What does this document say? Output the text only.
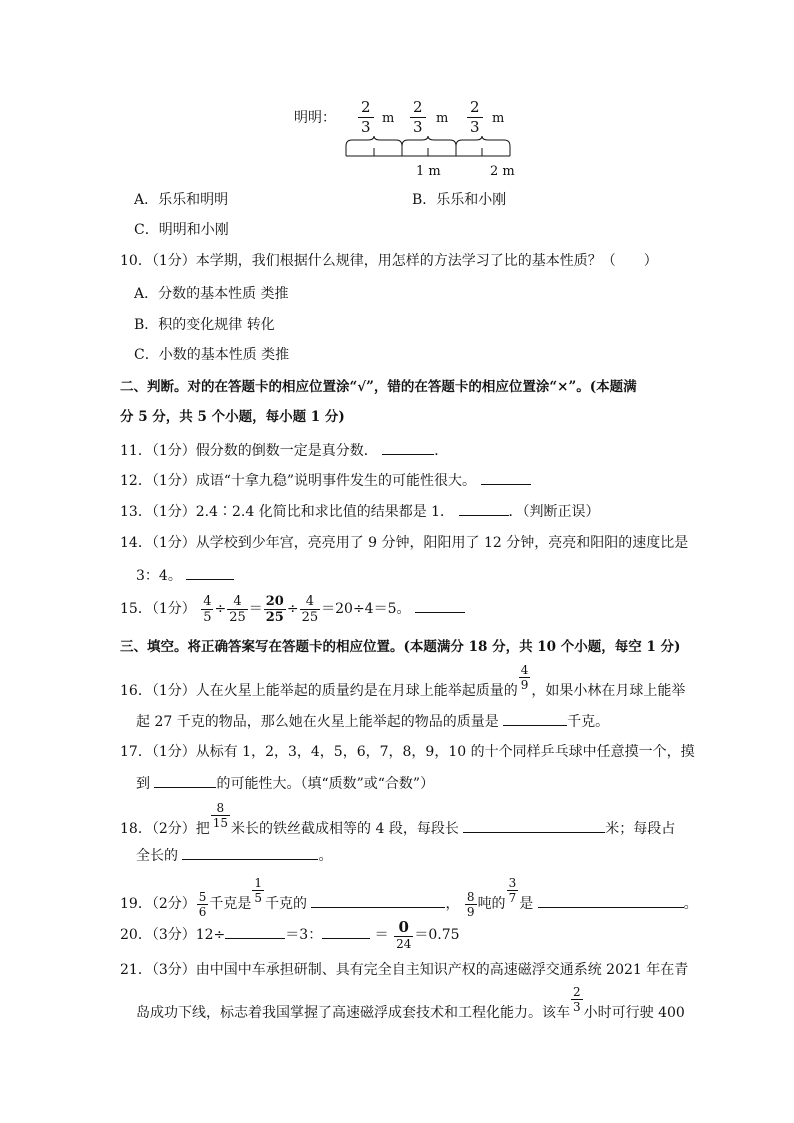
明明： $\frac{2}{3}$ m $\frac{2}{3}$ m $\frac{2}{3}$ m
1 m	2 m
A．乐乐和明明	B．乐乐和小刚
C．明明和小刚
10．（1分）本学期，我们根据什么规律，用怎样的方法学习了比的基本性质？（　　）
A．分数的基本性质 类推
B．积的变化规律 转化
C．小数的基本性质 类推
二、判断。对的在答题卡的相应位置涂“√”，错的在答题卡的相应位置涂“×”。(本题满
分 5 分，共 5 个小题，每小题 1 分)
11．（1分）假分数的倒数一定是真分数．	．
12．（1分）成语“十拿九稳”说明事件发生的可能性很大。
13．（1分）2.4∶2.4 化简比和求比值的结果都是 1．	．（判断正误）
14．（1分）从学校到少年宫，亮亮用了 9 分钟，阳阳用了 12 分钟，亮亮和阳阳的速度比是
3：4。
15．（1分） $\frac{4}{5} \div \frac{4}{25} = \frac{20}{25} \div \frac{4}{25} =20\div 4=5$。
三、填空。将正确答案写在答题卡的相应位置。(本题满分 18 分，共 10 个小题，每空 1 分)
16．（1分）人在火星上能举起的质量约是在月球上能举起质量的 $\frac{4}{9}$ ，如果小林在月球上能举
起 27 千克的物品，那么她在火星上能举起的物品的质量是	千克。
17．（1分）从标有 1，2，3，4，5，6，7，8，9，10 的十个同样乒乓球中任意摸一个，摸
到	的可能性大。（填“质数”或“合数”）
18．（2分）把 $\frac{8}{15}$ 米长的铁丝截成相等的 4 段，每段长	米；每段占
全长的	。
19．（2分） $\frac{5}{6}$ 千克是 $\frac{1}{5}$ 千克的	， $\frac{8}{9}$ 吨的 $\frac{3}{7}$ 是	。
20．（3分）12÷	＝3：	＝ $\frac{0}{24} =0.75$
21．（3分）由中国中车承担研制、具有完全自主知识产权的高速磁浮交通系统 2021 年在青
岛成功下线，标志着我国掌握了高速磁浮成套技术和工程化能力。该车 $\frac{2}{3}$ 小时可行驶 400
